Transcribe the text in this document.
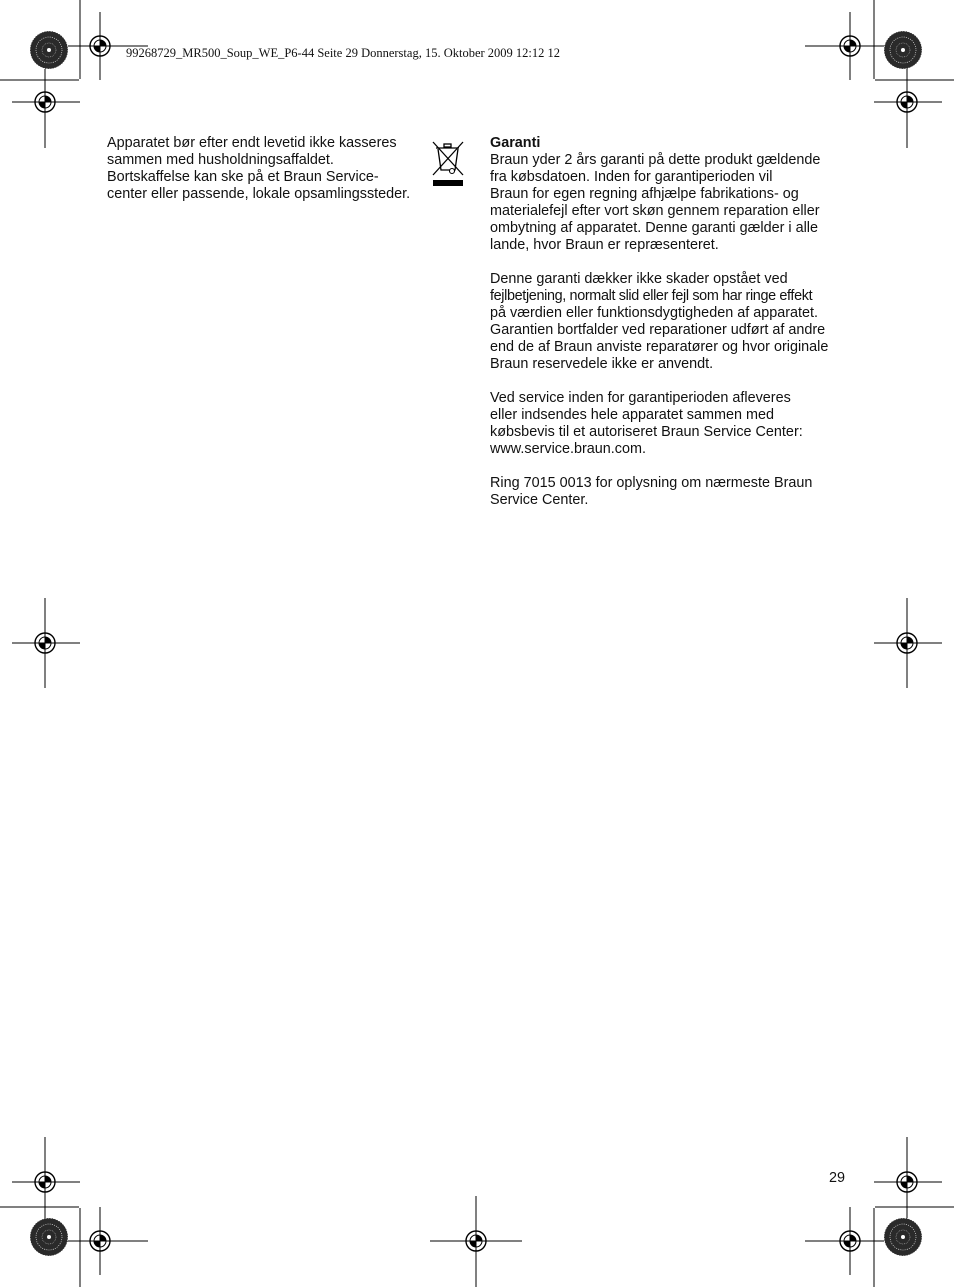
99268729_MR500_Soup_WE_P6-44 Seite 29 Donnerstag, 15. Oktober 2009 12:12 12
Apparatet bør efter endt levetid ikke kasseres
sammen med husholdningsaffaldet.
Bortskaffelse kan ske på et Braun Service-
center eller passende, lokale opsamlingssteder.
Garanti
Braun yder 2 års garanti på dette produkt gældende
fra købsdatoen. Inden for garantiperioden vil
Braun for egen regning afhjælpe fabrikations- og
materialefejl efter vort skøn gennem reparation eller
ombytning af apparatet. Denne garanti gælder i alle
lande, hvor Braun er repræsenteret.
Denne garanti dækker ikke skader opstået ved
fejlbetjening, normalt slid eller fejl som har ringe effekt
på værdien eller funktionsdygtigheden af apparatet.
Garantien bortfalder ved reparationer udført af andre
end de af Braun anviste reparatører og hvor originale
Braun reservedele ikke er anvendt.
Ved service inden for garantiperioden afleveres
eller indsendes hele apparatet sammen med
købsbevis til et autoriseret Braun Service Center:
www.service.braun.com.
Ring 7015 0013 for oplysning om nærmeste Braun
Service Center.
29
